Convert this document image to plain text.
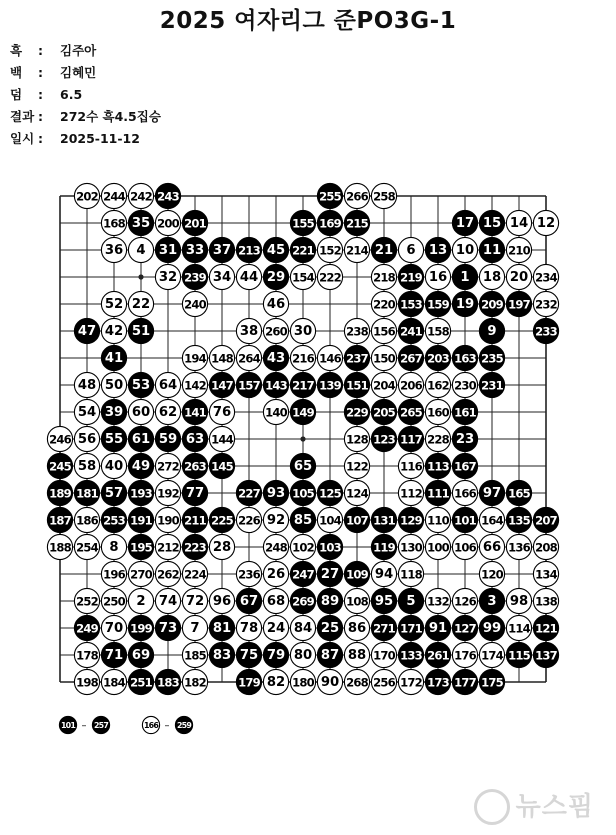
2025 여자리그 준PO3G-1
흑 : 김주아
백 : 김혜민
덤 : 6.5
결과 : 272수 흑4.5집승
일시 : 2025-11-12
202 244 242 243	255 266 258
168 35 200 201	155 169 215	17 15 14 12
36 4 31 33 37 213 45 221 152 214 21 6 13 10 11 210
32 239 34 44 29 154 222	218 219 16 1 18 20 234
52 22	240	46	220 153 159 19 209 197 232
47 42 51	38 260 30	238 156 241 158	9	233
41	194 148 264 43 216 146 237 150 267 203 163 235
48 50 53 64 142 147 157 143 217 139 151 204 206 162 230 231
54 39 60 62 141 76	140 149	229 205 265 160 161
246 56 55 61 59 63 144	128 123 117 228 23
245 58 40 49 272 263 145	65	122	116 113 167
189 181 57 193 192 77	227 93 105 125 124	112 111 166 97 165
187 186 253 191 190 211 225 226 92 85 104 107 131 129 110 101 164 135 207
188 254 8 195 212 223 28	248 102 103	119 130 100 106 66 136 208
196 270 262 224	236 26 247 27 109 94 118	120	134
252 250 2 74 72 96 67 68 269 89 108 95 5 132 126 3 98 138
249 70 199 73 7 81 78 24 84 25 86 271 171 91 127 99 114 121
178 71 69	185 83 75 79 80 87 88 170 133 261 176 174 115 137
198 184 251 183 182	179 82 180 90 268 256 172 173 177 175
101 – 257	166 – 259
뉴스핌
